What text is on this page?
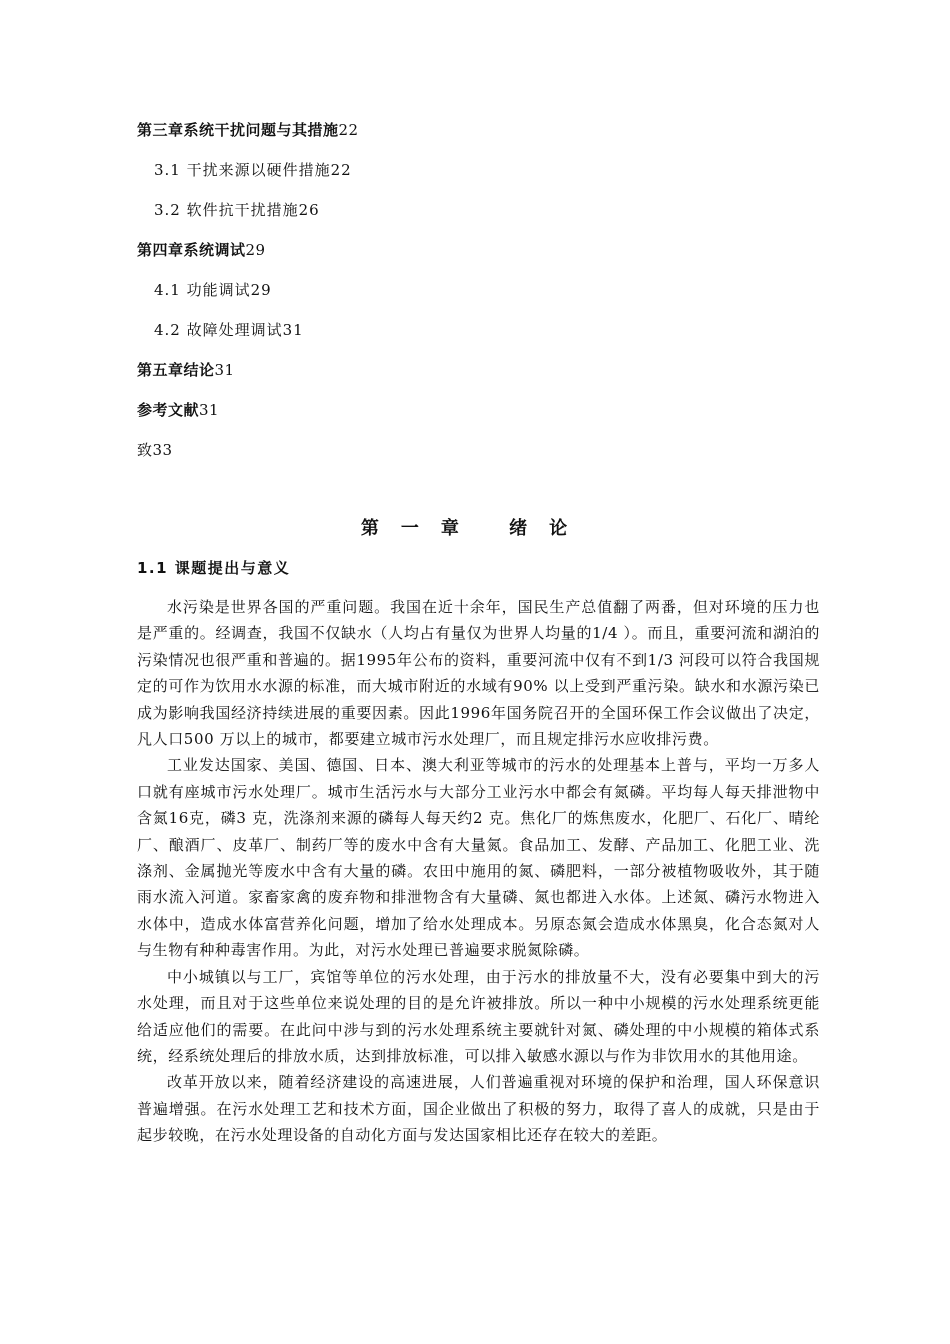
第三章系统干扰问题与其措施22
3.1 干扰来源以硬件措施22
3.2 软件抗干扰措施26
第四章系统调试29
4.1 功能调试29
4.2 故障处理调试31
第五章结论31
参考文献31
致33
第一章 绪论
1.1 课题提出与意义

水污染是世界各国的严重问题。我国在近十余年，国民生产总值翻了两番，但对环境的压力也是严重的。经调查，我国不仅缺水（人均占有量仅为世界人均量的1/4 ）。而且，重要河流和湖泊的污染情况也很严重和普遍的。据1995年公布的资料，重要河流中仅有不到1/3 河段可以符合我国规定的可作为饮用水水源的标准，而大城市附近的水域有90% 以上受到严重污染。缺水和水源污染已成为影响我国经济持续进展的重要因素。因此1996年国务院召开的全国环保工作会议做出了决定，凡人口500 万以上的城市，都要建立城市污水处理厂，而且规定排污水应收排污费。

工业发达国家、美国、德国、日本、澳大利亚等城市的污水的处理基本上普与，平均一万多人口就有座城市污水处理厂。城市生活污水与大部分工业污水中都会有氮磷。平均每人每天排泄物中含氮16克，磷3 克，洗涤剂来源的磷每人每天约2 克。焦化厂的炼焦废水，化肥厂、石化厂、晴纶厂、酿酒厂、皮革厂、制药厂等的废水中含有大量氮。食品加工、发酵、产品加工、化肥工业、洗涤剂、金属抛光等废水中含有大量的磷。农田中施用的氮、磷肥料，一部分被植物吸收外，其于随雨水流入河道。家畜家禽的废弃物和排泄物含有大量磷、氮也都进入水体。上述氮、磷污水物进入水体中，造成水体富营养化问题，增加了给水处理成本。另原态氮会造成水体黑臭，化合态氮对人与生物有种种毒害作用。为此，对污水处理已普遍要求脱氮除磷。

中小城镇以与工厂，宾馆等单位的污水处理，由于污水的排放量不大，没有必要集中到大的污水处理，而且对于这些单位来说处理的目的是允许被排放。所以一种中小规模的污水处理系统更能给适应他们的需要。在此问中涉与到的污水处理系统主要就针对氮、磷处理的中小规模的箱体式系统，经系统处理后的排放水质，达到排放标准，可以排入敏感水源以与作为非饮用水的其他用途。

改革开放以来，随着经济建设的高速进展，人们普遍重视对环境的保护和治理，国人环保意识普遍增强。在污水处理工艺和技术方面，国企业做出了积极的努力，取得了喜人的成就，只是由于起步较晚，在污水处理设备的自动化方面与发达国家相比还存在较大的差距。
